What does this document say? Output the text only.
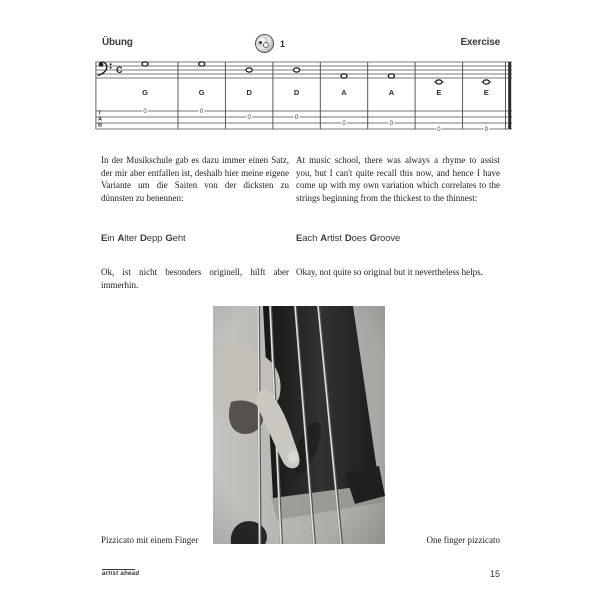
Übung	1	Exercise
C
G	G	D	D	A	A	E	E
T
A
B
0	0
0	0
0	0
0	0
In der Musikschule gab es dazu immer einen Satz, der mir aber entfallen ist, deshalb hier meine eigene Variante um die Saiten von der dicksten zu dünnsten zu benennen:
At music school, there was always a rhyme to assist you, but I can't quite recall this now, and hence I have come up with my own variation which correlates to the strings beginning from the thickest to the thinnest:
Ein Alter Depp Geht	Each Artist Does Groove
Ok, ist nicht besonders originell, hilft aber immerhin.
Okay, not quite so original but it nevertheless helps.
Pizzicato mit einem Finger	One finger pizzicato
artist ahead	15
